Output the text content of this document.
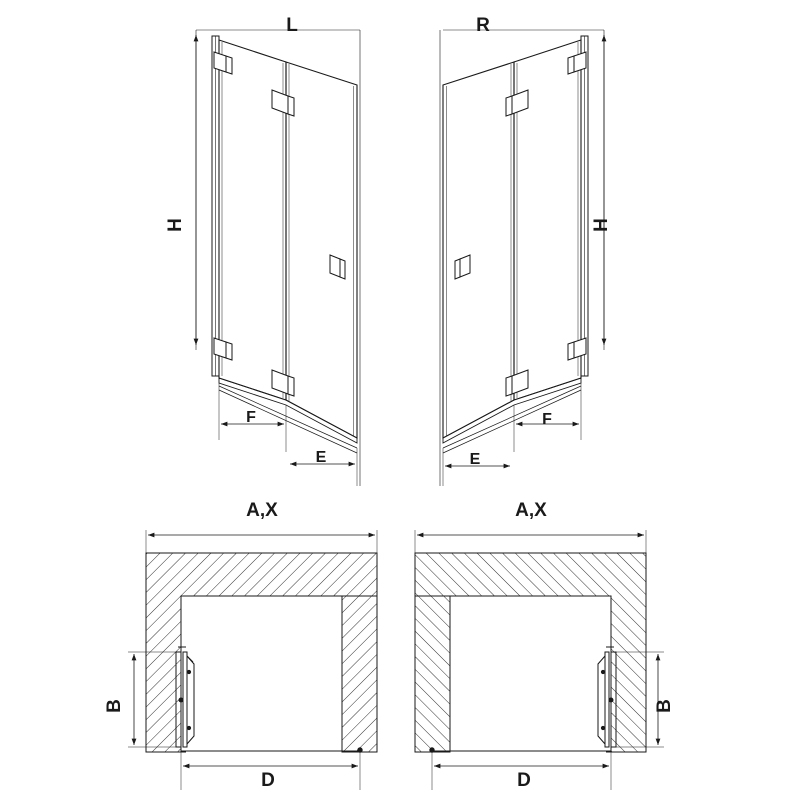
L	R
H
F
E
H
E
F
A,X
B
D
A,X
B
D
